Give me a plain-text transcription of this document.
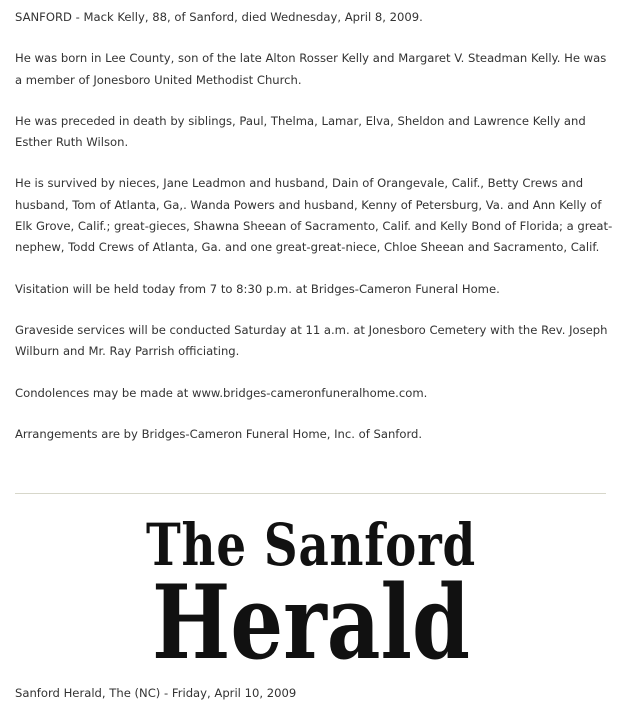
SANFORD - Mack Kelly, 88, of Sanford, died Wednesday, April 8, 2009.

He was born in Lee County, son of the late Alton Rosser Kelly and Margaret V. Steadman Kelly. He was a member of Jonesboro United Methodist Church.

He was preceded in death by siblings, Paul, Thelma, Lamar, Elva, Sheldon and Lawrence Kelly and Esther Ruth Wilson.

He is survived by nieces, Jane Leadmon and husband, Dain of Orangevale, Calif., Betty Crews and husband, Tom of Atlanta, Ga,. Wanda Powers and husband, Kenny of Petersburg, Va. and Ann Kelly of Elk Grove, Calif.; great-gieces, Shawna Sheean of Sacramento, Calif. and Kelly Bond of Florida; a great-nephew, Todd Crews of Atlanta, Ga. and one great-great-niece, Chloe Sheean and Sacramento, Calif.

Visitation will be held today from 7 to 8:30 p.m. at Bridges-Cameron Funeral Home.

Graveside services will be conducted Saturday at 11 a.m. at Jonesboro Cemetery with the Rev. Joseph Wilburn and Mr. Ray Parrish officiating.

Condolences may be made at www.bridges-cameronfuneralhome.com.

Arrangements are by Bridges-Cameron Funeral Home, Inc. of Sanford.

The Sanford
Herald
Sanford Herald, The (NC) - Friday, April 10, 2009
